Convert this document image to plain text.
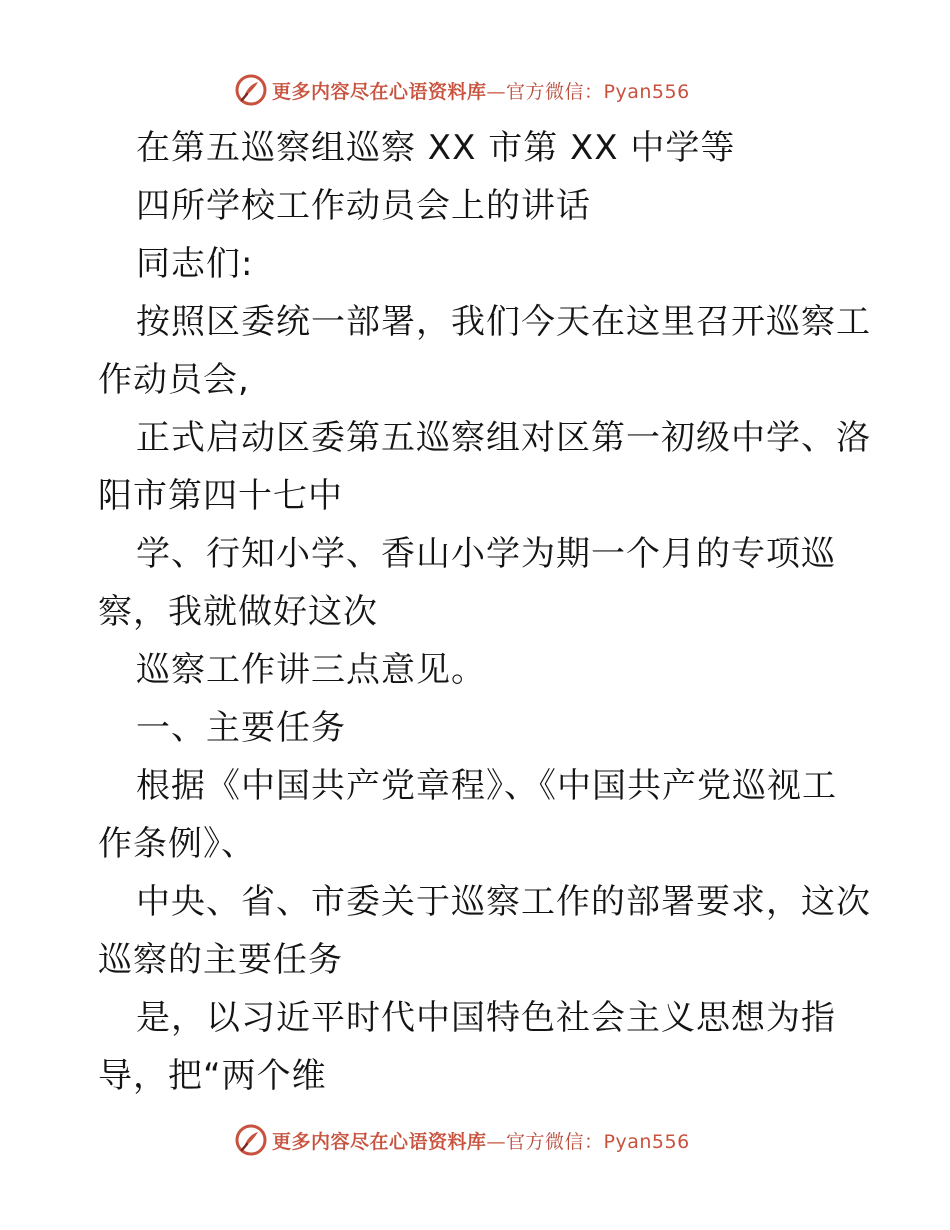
更多内容尽在心语资料库—官方微信：Pyan556
在第五巡察组巡察 XX 市第 XX 中学等
四所学校工作动员会上的讲话
同志们:
按照区委统一部署，我们今天在这里召开巡察工
作动员会,
正式启动区委第五巡察组对区第一初级中学、洛
阳市第四十七中
学、行知小学、香山小学为期一个月的专项巡
察，我就做好这次
巡察工作讲三点意见。
一、主要任务
根据《中国共产党章程》、《中国共产党巡视工
作条例》、
中央、省、市委关于巡察工作的部署要求，这次
巡察的主要任务
是，以习近平时代中国特色社会主义思想为指
导，把“两个维
更多内容尽在心语资料库—官方微信：Pyan556
